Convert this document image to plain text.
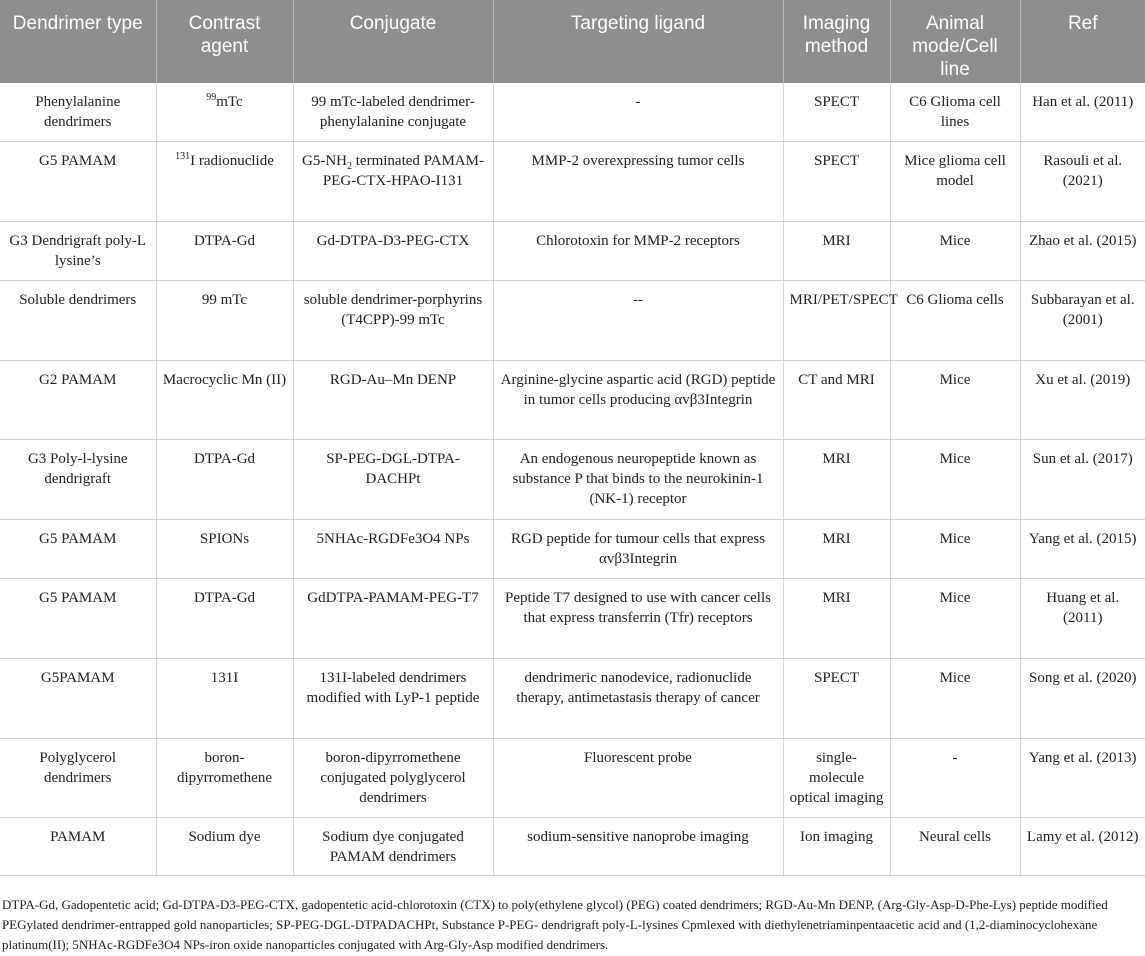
Dendrimer type	Contrast agent	Conjugate	Targeting ligand	Imaging method	Animal mode/Cell line	Ref
Phenylalanine dendrimers	$^{99}$mTc	99 mTc-labeled dendrimer-phenylalanine conjugate	-	SPECT	C6 Glioma cell lines	Han et al. (2011)
G5 PAMAM	$^{131}$I radionuclide	$G5-NH_2$ terminated PAMAM-PEG-CTX-HPAO-I131	MMP-2 overexpressing tumor cells	SPECT	Mice glioma cell model	Rasouli et al. (2021)
G3 Dendrigraft poly-L lysine’s	DTPA-Gd	Gd-DTPA-D3-PEG-CTX	Chlorotoxin for MMP-2 receptors	MRI	Mice	Zhao et al. (2015)
Soluble dendrimers	99 mTc	soluble dendrimer-porphyrins (T4CPP)-99 mTc	--	MRI/PET/SPECT	C6 Glioma cells	Subbarayan et al. (2001)
G2 PAMAM	Macrocyclic Mn (II)	RGD-Au–Mn DENP	Arginine-glycine aspartic acid (RGD) peptide in tumor cells producing αvβ3Integrin	CT and MRI	Mice	Xu et al. (2019)
G3 Poly-l-lysine dendrigraft	DTPA-Gd	SP-PEG-DGL-DTPA-DACHPt	An endogenous neuropeptide known as substance P that binds to the neurokinin-1 (NK-1) receptor	MRI	Mice	Sun et al. (2017)
G5 PAMAM	SPIONs	5NHAc-RGDFe3O4 NPs	RGD peptide for tumour cells that express αvβ3Integrin	MRI	Mice	Yang et al. (2015)
G5 PAMAM	DTPA-Gd	GdDTPA-PAMAM-PEG-T7	Peptide T7 designed to use with cancer cells that express transferrin (Tfr) receptors	MRI	Mice	Huang et al. (2011)
G5PAMAM	131I	131I-labeled dendrimers modified with LyP-1 peptide	dendrimeric nanodevice, radionuclide therapy, antimetastasis therapy of cancer	SPECT	Mice	Song et al. (2020)
Polyglycerol dendrimers	boron-dipyrromethene	boron-dipyrromethene conjugated polyglycerol dendrimers	Fluorescent probe	single-molecule optical imaging	-	Yang et al. (2013)
PAMAM	Sodium dye	Sodium dye conjugated PAMAM dendrimers	sodium-sensitive nanoprobe imaging	Ion imaging	Neural cells	Lamy et al. (2012)
DTPA-Gd, Gadopentetic acid; Gd-DTPA-D3-PEG-CTX, gadopentetic acid-chlorotoxin (CTX) to poly(ethylene glycol) (PEG) coated dendrimers; RGD-Au-Mn DENP, (Arg-Gly-Asp-D-Phe-Lys) peptide modified PEGylated dendrimer-entrapped gold nanoparticles; SP-PEG-DGL-DTPADACHPt, Substance P-PEG- dendrigraft poly-L-lysines Cpmlexed with diethylenetriaminpentaacetic acid and (1,2-diaminocyclohexane platinum(II); 5NHAc-RGDFe3O4 NPs-iron oxide nanoparticles conjugated with Arg-Gly-Asp modified dendrimers.
